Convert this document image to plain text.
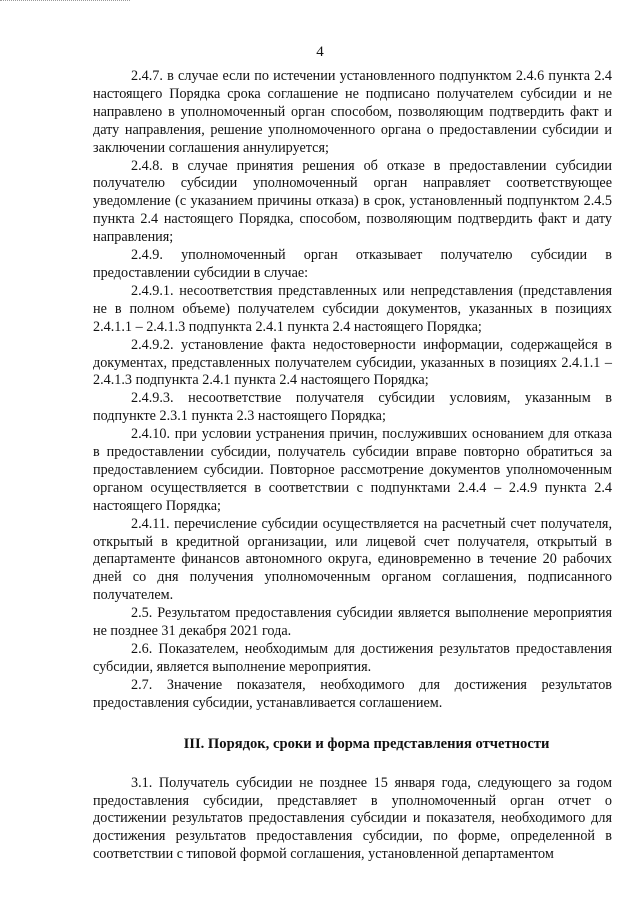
4

2.4.7. в случае если по истечении установленного подпунктом 2.4.6 пункта 2.4 настоящего Порядка срока соглашение не подписано получателем субсидии и не направлено в уполномоченный орган способом, позволяющим подтвердить факт и дату направления, решение уполномоченного органа о предоставлении субсидии и заключении соглашения аннулируется;

2.4.8. в случае принятия решения об отказе в предоставлении субсидии получателю субсидии уполномоченный орган направляет соответствующее уведомление (с указанием причины отказа) в срок, установленный подпунктом 2.4.5 пункта 2.4 настоящего Порядка, способом, позволяющим подтвердить факт и дату направления;

2.4.9. уполномоченный орган отказывает получателю субсидии в предоставлении субсидии в случае:

2.4.9.1. несоответствия представленных или непредставления (представления не в полном объеме) получателем субсидии документов, указанных в позициях 2.4.1.1 – 2.4.1.3 подпункта 2.4.1 пункта 2.4 настоящего Порядка;

2.4.9.2. установление факта недостоверности информации, содержащейся в документах, представленных получателем субсидии, указанных в позициях 2.4.1.1 – 2.4.1.3 подпункта 2.4.1 пункта 2.4 настоящего Порядка;

2.4.9.3. несоответствие получателя субсидии условиям, указанным в подпункте 2.3.1 пункта 2.3 настоящего Порядка;

2.4.10. при условии устранения причин, послуживших основанием для отказа в предоставлении субсидии, получатель субсидии вправе повторно обратиться за предоставлением субсидии. Повторное рассмотрение документов уполномоченным органом осуществляется в соответствии с подпунктами 2.4.4 – 2.4.9 пункта 2.4 настоящего Порядка;

2.4.11. перечисление субсидии осуществляется на расчетный счет получателя, открытый в кредитной организации, или лицевой счет получателя, открытый в департаменте финансов автономного округа, единовременно в течение 20 рабочих дней со дня получения уполномоченным органом соглашения, подписанного получателем.

2.5. Результатом предоставления субсидии является выполнение мероприятия не позднее 31 декабря 2021 года.

2.6. Показателем, необходимым для достижения результатов предоставления субсидии, является выполнение мероприятия.

2.7. Значение показателя, необходимого для достижения результатов предоставления субсидии, устанавливается соглашением.

III. Порядок, сроки и форма представления отчетности

3.1. Получатель субсидии не позднее 15 января года, следующего за годом предоставления субсидии, представляет в уполномоченный орган отчет о достижении результатов предоставления субсидии и показателя, необходимого для достижения результатов предоставления субсидии, по форме, определенной в соответствии с типовой формой соглашения, установленной департаментом
